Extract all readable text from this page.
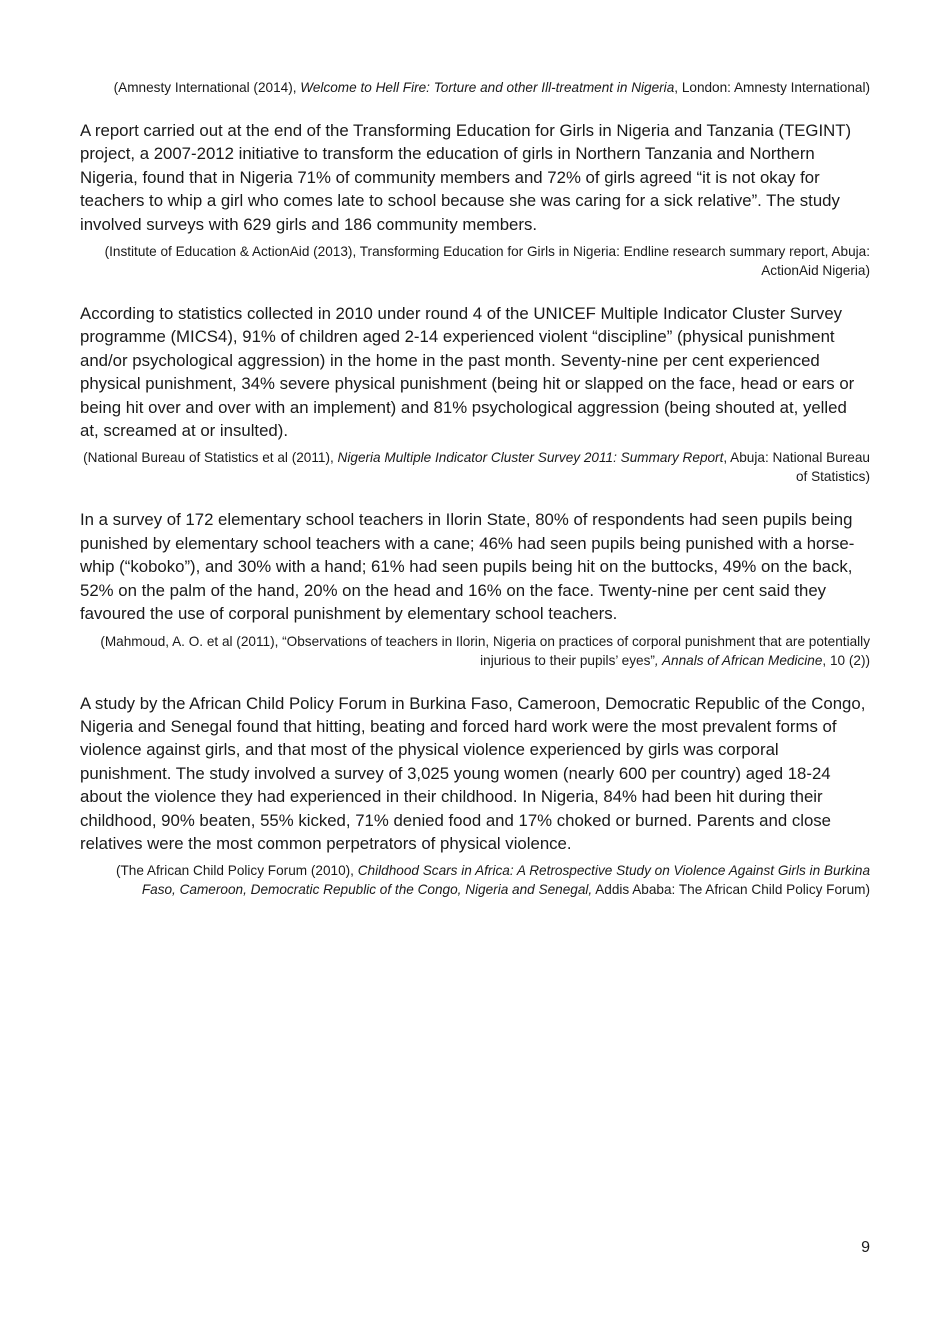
(Amnesty International (2014), Welcome to Hell Fire: Torture and other Ill-treatment in Nigeria, London: Amnesty International)

A report carried out at the end of the Transforming Education for Girls in Nigeria and Tanzania (TEGINT) project, a 2007-2012 initiative to transform the education of girls in Northern Tanzania and Northern Nigeria, found that in Nigeria 71% of community members and 72% of girls agreed “it is not okay for teachers to whip a girl who comes late to school because she was caring for a sick relative”. The study involved surveys with 629 girls and 186 community members.

(Institute of Education & ActionAid (2013), Transforming Education for Girls in Nigeria: Endline research summary report, Abuja: ActionAid Nigeria)

According to statistics collected in 2010 under round 4 of the UNICEF Multiple Indicator Cluster Survey programme (MICS4), 91% of children aged 2-14 experienced violent “discipline” (physical punishment and/or psychological aggression) in the home in the past month. Seventy-nine per cent experienced physical punishment, 34% severe physical punishment (being hit or slapped on the face, head or ears or being hit over and over with an implement) and 81% psychological aggression (being shouted at, yelled at, screamed at or insulted).

(National Bureau of Statistics et al (2011), Nigeria Multiple Indicator Cluster Survey 2011: Summary Report, Abuja: National Bureau of Statistics)

In a survey of 172 elementary school teachers in Ilorin State, 80% of respondents had seen pupils being punished by elementary school teachers with a cane; 46% had seen pupils being punished with a horse-whip (“koboko”), and 30% with a hand; 61% had seen pupils being hit on the buttocks, 49% on the back, 52% on the palm of the hand, 20% on the head and 16% on the face. Twenty-nine per cent said they favoured the use of corporal punishment by elementary school teachers.

(Mahmoud, A. O. et al (2011), “Observations of teachers in Ilorin, Nigeria on practices of corporal punishment that are potentially injurious to their pupils’ eyes”, Annals of African Medicine, 10 (2))

A study by the African Child Policy Forum in Burkina Faso, Cameroon, Democratic Republic of the Congo, Nigeria and Senegal found that hitting, beating and forced hard work were the most prevalent forms of violence against girls, and that most of the physical violence experienced by girls was corporal punishment. The study involved a survey of 3,025 young women (nearly 600 per country) aged 18-24 about the violence they had experienced in their childhood. In Nigeria, 84% had been hit during their childhood, 90% beaten, 55% kicked, 71% denied food and 17% choked or burned. Parents and close relatives were the most common perpetrators of physical violence.

(The African Child Policy Forum (2010), Childhood Scars in Africa: A Retrospective Study on Violence Against Girls in Burkina Faso, Cameroon, Democratic Republic of the Congo, Nigeria and Senegal, Addis Ababa: The African Child Policy Forum)

9
